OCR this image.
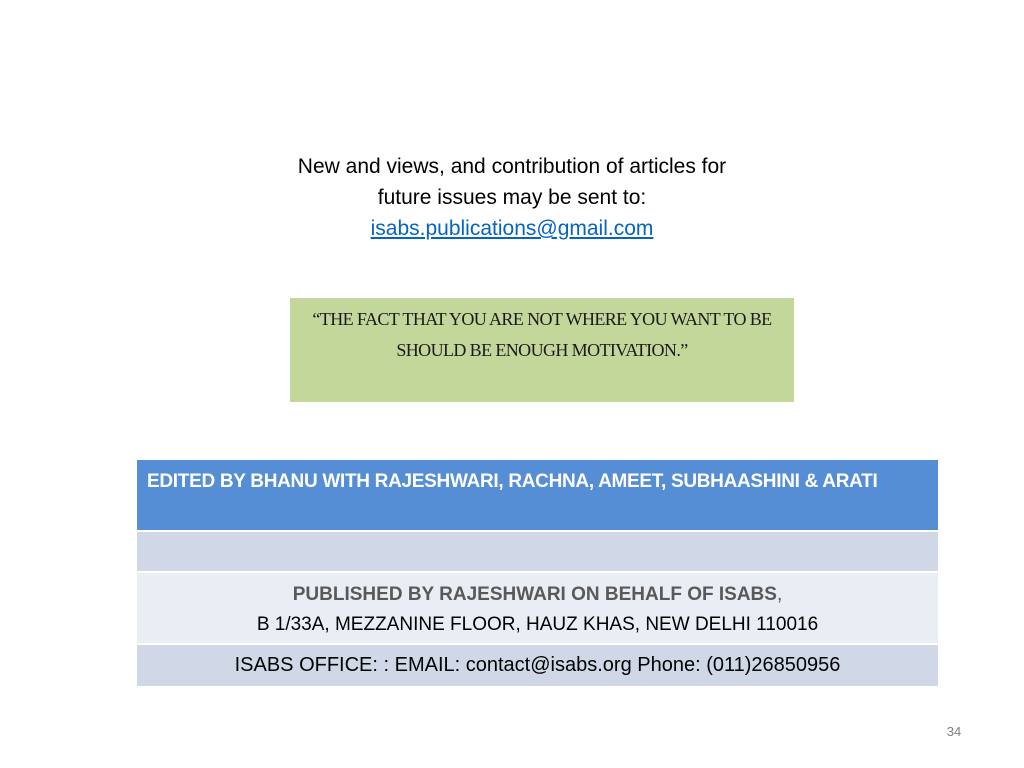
New and views, and contribution of articles for
future issues may be sent to:
isabs.publications@gmail.com
“THE FACT THAT YOU ARE NOT WHERE YOU WANT TO BE SHOULD BE ENOUGH MOTIVATION.”
EDITED BY BHANU WITH RAJESHWARI, RACHNA, AMEET, SUBHAASHINI & ARATI
PUBLISHED BY RAJESHWARI ON BEHALF OF ISABS,
B 1/33A, MEZZANINE FLOOR, HAUZ KHAS, NEW DELHI 110016
ISABS OFFICE: : EMAIL: contact@isabs.org Phone: (011)26850956
34
